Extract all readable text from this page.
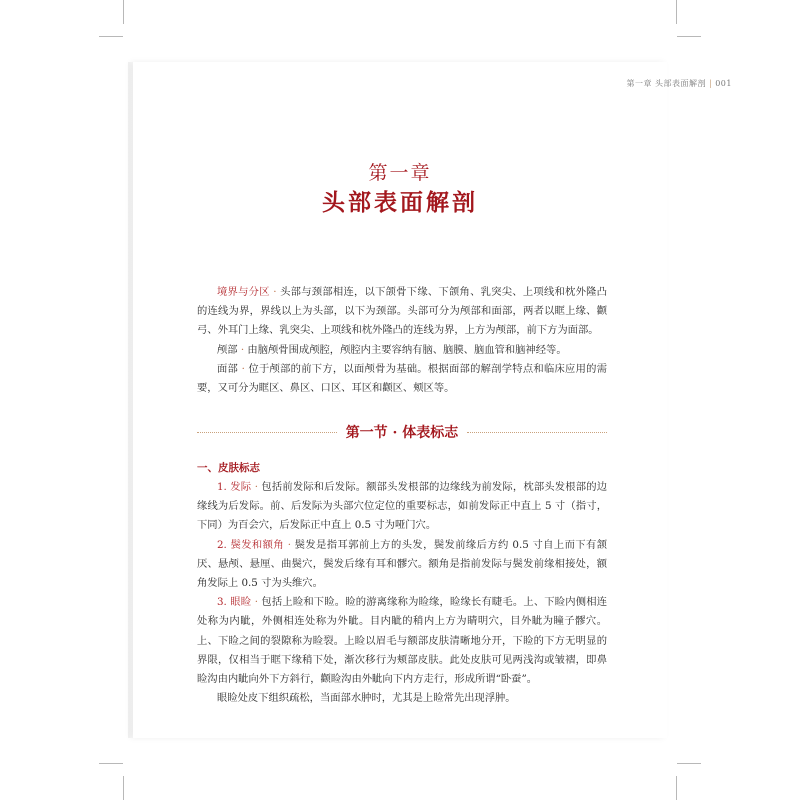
第一章 头部表面解剖 | 001
第一章
头部表面解剖

境界与分区 · 头部与颈部相连，以下颌骨下缘、下颌角、乳突尖、上项线和枕外隆凸的连线为界，界线以上为头部，以下为颈部。头部可分为颅部和面部，两者以眶上缘、颧弓、外耳门上缘、乳突尖、上项线和枕外隆凸的连线为界，上方为颅部，前下方为面部。

颅部 · 由脑颅骨围成颅腔，颅腔内主要容纳有脑、脑膜、脑血管和脑神经等。

面部 · 位于颅部的前下方，以面颅骨为基础。根据面部的解剖学特点和临床应用的需要，又可分为眶区、鼻区、口区、耳区和颧区、颊区等。

第一节 · 体表标志
一、皮肤标志

1. 发际 · 包括前发际和后发际。额部头发根部的边缘线为前发际，枕部头发根部的边缘线为后发际。前、后发际为头部穴位定位的重要标志，如前发际正中直上 5 寸（指寸，下同）为百会穴，后发际正中直上 0.5 寸为哑门穴。

2. 鬓发和额角 · 鬓发是指耳郭前上方的头发，鬓发前缘后方约 0.5 寸自上而下有颔厌、悬颅、悬厘、曲鬓穴，鬓发后缘有耳和髎穴。额角是指前发际与鬓发前缘相接处，额角发际上 0.5 寸为头维穴。

3. 眼睑 · 包括上睑和下睑。睑的游离缘称为睑缘，睑缘长有睫毛。上、下睑内侧相连处称为内眦，外侧相连处称为外眦。目内眦的稍内上方为睛明穴，目外眦为瞳子髎穴。上、下睑之间的裂隙称为睑裂。上睑以眉毛与额部皮肤清晰地分开，下睑的下方无明显的界限，仅相当于眶下缘稍下处，渐次移行为颊部皮肤。此处皮肤可见两浅沟或皱褶，即鼻睑沟由内眦向外下方斜行，颧睑沟由外眦向下内方走行，形成所谓“卧蚕”。

眼睑处皮下组织疏松，当面部水肿时，尤其是上睑常先出现浮肿。
